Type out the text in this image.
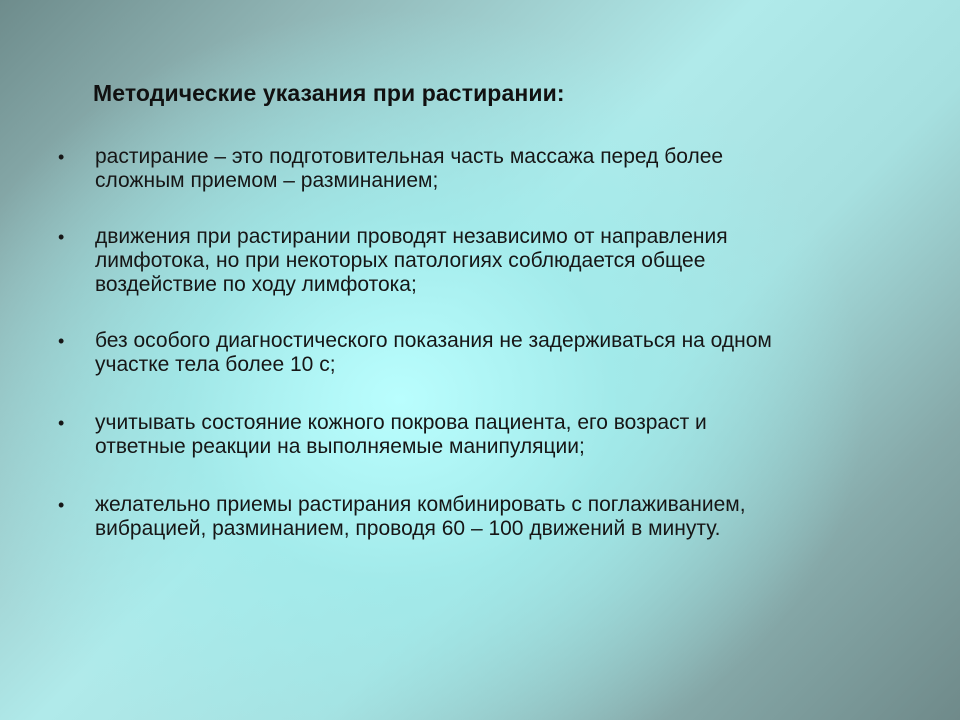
Методические указания при растирании:
• растирание – это подготовительная часть массажа перед более
сложным приемом – разминанием;
• движения при растирании проводят независимо от направления
лимфотока, но при некоторых патологиях соблюдается общее
воздействие по ходу лимфотока;
• без особого диагностического показания не задерживаться на одном
участке тела более 10 с;
• учитывать состояние кожного покрова пациента, его возраст и
ответные реакции на выполняемые манипуляции;
• желательно приемы растирания комбинировать с поглаживанием,
вибрацией, разминанием, проводя 60 – 100 движений в минуту.
